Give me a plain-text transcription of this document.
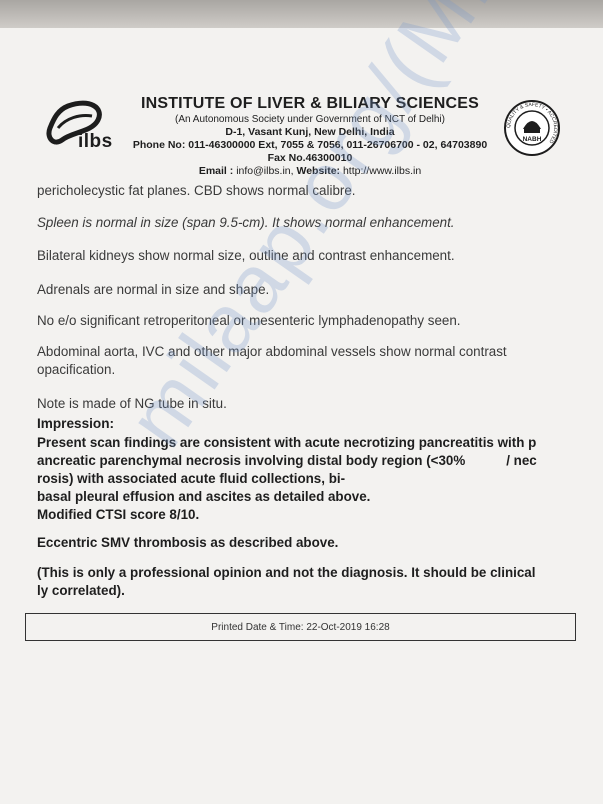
ilbs
INSTITUTE OF LIVER & BILIARY SCIENCES
(An Autonomous Society under Government of NCT of Delhi)
D-1, Vasant Kunj, New Delhi, India
Phone No: 011-46300000 Ext, 7055 & 7056, 011-26706700 - 02, 64703890
Fax No.46300010
Email : info@ilbs.in, Website: http://www.ilbs.in
QUALITY & SAFETY • ACCREDITED
NABH
pericholecystic fat planes. CBD shows normal calibre.
Spleen is normal in size (span 9.5-cm). It shows normal enhancement.
Bilateral kidneys show normal size, outline and contrast enhancement.
Adrenals are normal in size and shape.
No e/o significant retroperitoneal or mesenteric lymphadenopathy seen.
Abdominal aorta, IVC and other major abdominal vessels show normal contrast opacification.
Note is made of NG tube in situ.
Impression:
Present scan findings are consistent with acute necrotizing pancreatitis with p
ancreatic parenchymal necrosis involving distal body region (<30%           / nec
rosis) with associated acute fluid collections, bi-
basal pleural effusion and ascites as detailed above.
Modified CTSI score 8/10.
Eccentric SMV thrombosis as described above.
(This is only a professional opinion and not the diagnosis. It should be clinical
ly correlated).
Printed Date & Time: 22-Oct-2019 16:28
